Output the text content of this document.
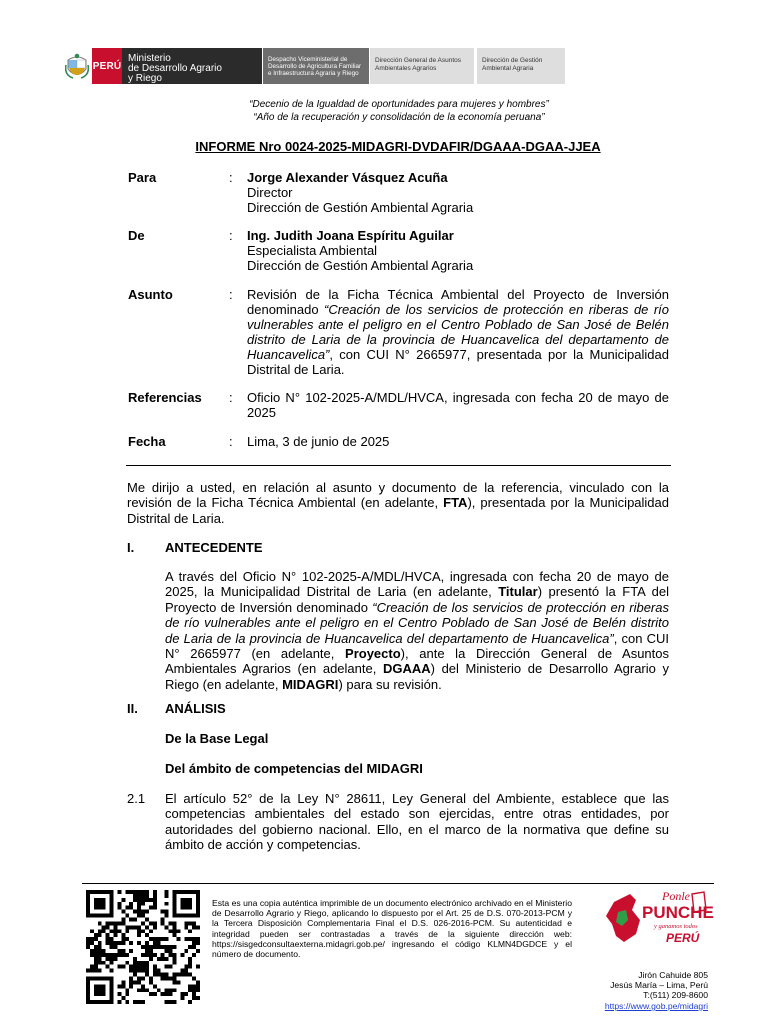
PERÚ
Ministerio
de Desarrollo Agrario
y Riego
Despacho Viceministerial de
Desarrollo de Agricultura Familiar
e Infraestructura Agraria y Riego
Dirección General de Asuntos
Ambientales Agrarios
Dirección de Gestión
Ambiental Agraria
“Decenio de la Igualdad de oportunidades para mujeres y hombres”
“Año de la recuperación y consolidación de la economía peruana”
INFORME Nro 0024-2025-MIDAGRI-DVDAFIR/DGAAA-DGAA-JJEA
Para	: Jorge Alexander Vásquez Acuña
Director
Dirección de Gestión Ambiental Agraria
De	: Ing. Judith Joana Espíritu Aguilar
Especialista Ambiental
Dirección de Gestión Ambiental Agraria
Asunto	: Revisión de la Ficha Técnica Ambiental del Proyecto de Inversión denominado “Creación de los servicios de protección en riberas de río vulnerables ante el peligro en el Centro Poblado de San José de Belén distrito de Laria de la provincia de Huancavelica del departamento de Huancavelica”, con CUI N° 2665977, presentada por la Municipalidad Distrital de Laria.
Referencias : Oficio N° 102-2025-A/MDL/HVCA, ingresada con fecha 20 de mayo de 2025
Fecha	: Lima, 3 de junio de 2025
Me dirijo a usted, en relación al asunto y documento de la referencia, vinculado con la revisión de la Ficha Técnica Ambiental (en adelante, FTA), presentada por la Municipalidad Distrital de Laria.
I. ANTECEDENTE
A través del Oficio N° 102-2025-A/MDL/HVCA, ingresada con fecha 20 de mayo de 2025, la Municipalidad Distrital de Laria (en adelante, Titular) presentó la FTA del Proyecto de Inversión denominado “Creación de los servicios de protección en riberas de río vulnerables ante el peligro en el Centro Poblado de San José de Belén distrito de Laria de la provincia de Huancavelica del departamento de Huancavelica”, con CUI N° 2665977 (en adelante, Proyecto), ante la Dirección General de Asuntos Ambientales Agrarios (en adelante, DGAAA) del Ministerio de Desarrollo Agrario y Riego (en adelante, MIDAGRI) para su revisión.
II. ANÁLISIS
De la Base Legal
Del ámbito de competencias del MIDAGRI
2.1 El artículo 52° de la Ley N° 28611, Ley General del Ambiente, establece que las competencias ambientales del estado son ejercidas, entre otras entidades, por autoridades del gobierno nacional. Ello, en el marco de la normativa que define su ámbito de acción y competencias.
Esta es una copia auténtica imprimible de un documento electrónico archivado en el Ministerio de Desarrollo Agrario y Riego, aplicando lo dispuesto por el Art. 25 de D.S. 070-2013-PCM y la Tercera Disposición Complementaria Final el D.S. 026-2016-PCM. Su autenticidad e integridad pueden ser contrastadas a través de la siguiente dirección web: https://sisgedconsultaexterna.midagri.gob.pe/ ingresando el código KLMN4DGDCE y el número de documento.
Ponle
PUNCHE
y ganamos todos
PERÚ
Jirón Cahuide 805
Jesús María – Lima, Perú
T:(511) 209-8600
https://www.gob.pe/midagri
